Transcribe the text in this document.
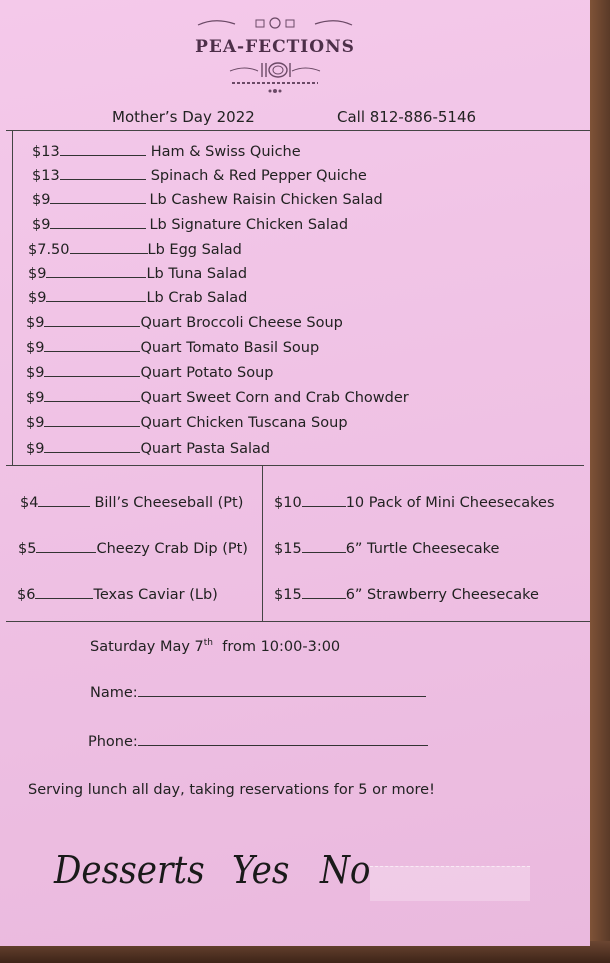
PEA-FECTIONS
Mother’s Day 2022	Call 812-886-5146
$13	Ham & Swiss Quiche
$13	Spinach & Red Pepper Quiche
$9	Lb Cashew Raisin Chicken Salad
$9	Lb Signature Chicken Salad
$7.50	Lb Egg Salad
$9	Lb Tuna Salad
$9	Lb Crab Salad
$9	Quart Broccoli Cheese Soup
$9	Quart Tomato Basil Soup
$9	Quart Potato Soup
$9	Quart Sweet Corn and Crab Chowder
$9	Quart Chicken Tuscana Soup
$9	Quart Pasta Salad
$4	Bill’s Cheeseball (Pt)
$5	Cheezy Crab Dip (Pt)
$6	Texas Caviar (Lb)
$10	10 Pack of Mini Cheesecakes
$15	6” Turtle Cheesecake
$15	6” Strawberry Cheesecake
Saturday May 7th  from 10:00-3:00
Name:
Phone:
Serving lunch all day, taking reservations for 5 or more!
Desserts Yes No
